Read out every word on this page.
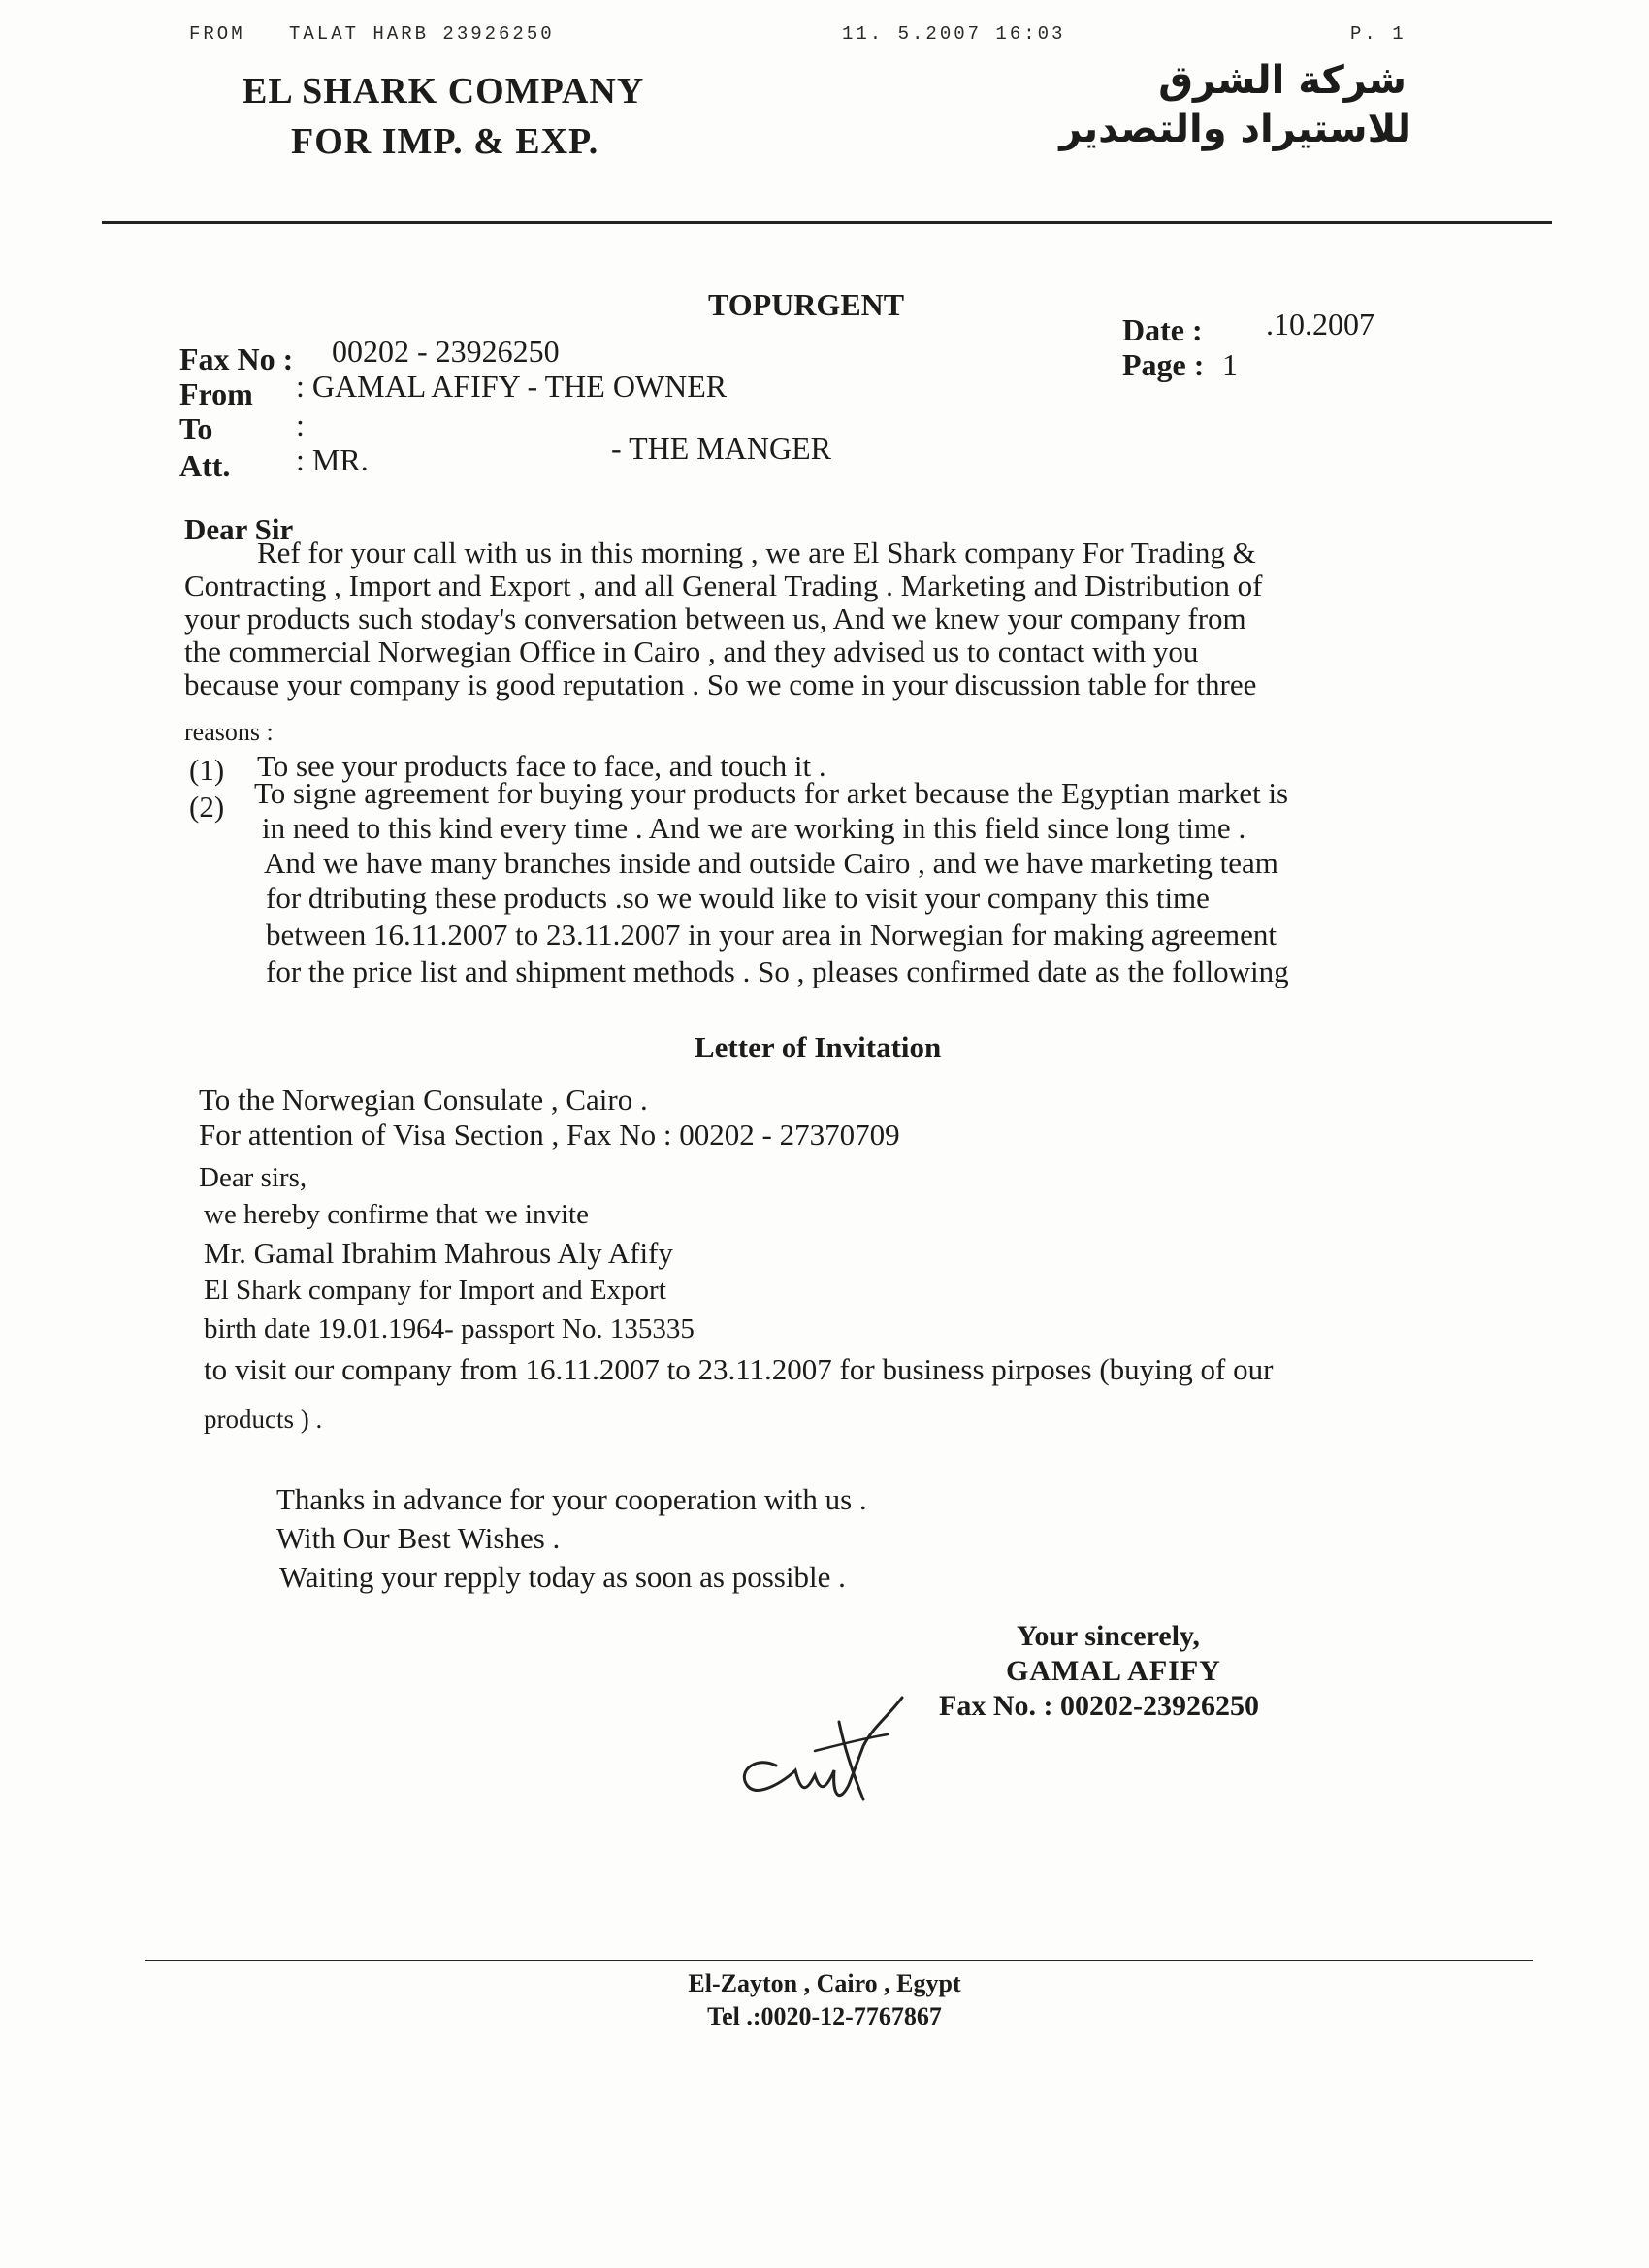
FROM TALAT HARB 23926250	11. 5.2007 16:03	P. 1
EL SHARK COMPANY
FOR IMP. & EXP.
شركة الشرق
للاستيراد والتصدير
TOPURGENT
Fax No : 00202 - 23926250
From : GAMAL AFIFY - THE OWNER
To	:
Att. : MR.	- THE MANGER
Date : .10.2007
Page : 1
Dear Sir
Ref for your call with us in this morning , we are El Shark company For Trading &
Contracting , Import and Export , and all General Trading . Marketing and Distribution of
your products such stoday's conversation between us, And we knew your company from
the commercial Norwegian Office in Cairo , and they advised us to contact with you
because your company is good reputation . So we come in your discussion table for three
reasons :
(1) To see your products face to face, and touch it .
(2) To signe agreement for buying your products for arket because the Egyptian market is
in need to this kind every time . And we are working in this field since long time .
And we have many branches inside and outside Cairo , and we have marketing team
for dtributing these products .so we would like to visit your company this time
between 16.11.2007 to 23.11.2007 in your area in Norwegian for making agreement
for the price list and shipment methods . So , pleases confirmed date as the following
Letter of Invitation
To the Norwegian Consulate , Cairo .
For attention of Visa Section , Fax No : 00202 - 27370709
Dear sirs,
we hereby confirme that we invite
Mr. Gamal Ibrahim Mahrous Aly Afify
El Shark company for Import and Export
birth date 19.01.1964- passport No. 135335
to visit our company from 16.11.2007 to 23.11.2007 for business pirposes (buying of our
products ) .
Thanks in advance for your cooperation with us .
With Our Best Wishes .
Waiting your repply today as soon as possible .
Your sincerely,
GAMAL AFIFY
Fax No. : 00202-23926250
El-Zayton , Cairo , Egypt
Tel .:0020-12-7767867
